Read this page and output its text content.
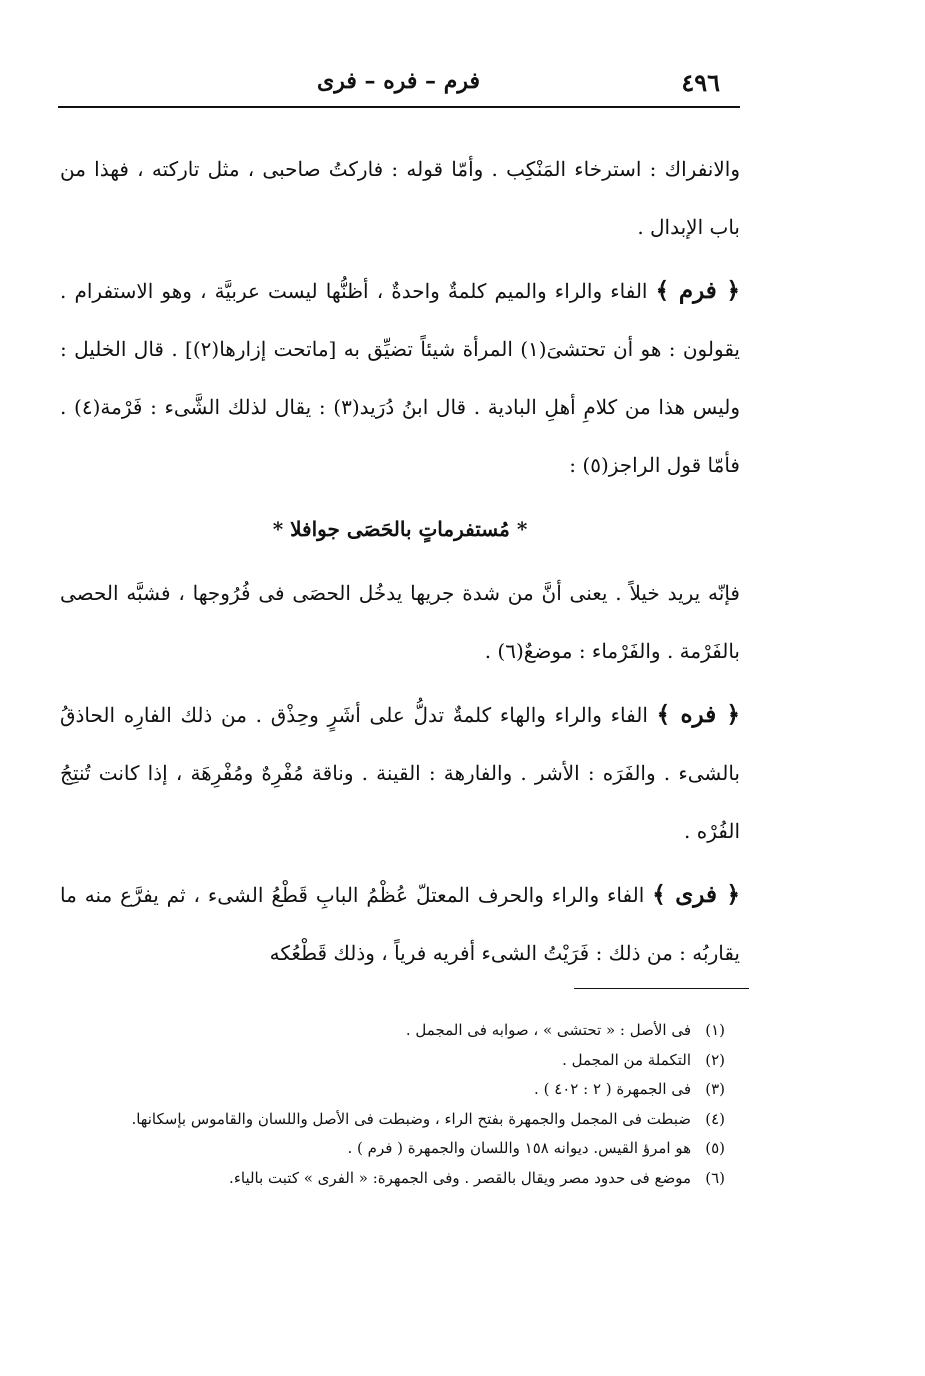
٤٩٦
فرم – فره – فرى

والانفراك : استرخاء المَنْكِب . وأمّا قوله : فاركتُ صاحبى ، مثل تاركته ، فهذا من باب الإبدال .

﴿ فرم ﴾ الفاء والراء والميم كلمةٌ واحدةٌ ، أظنُّها ليست عربيَّة ، وهو الاستفرام . يقولون : هو أن تحتشىَ(١) المرأة شيئاً تضيِّق به [ماتحت إزارها(٢)] . قال الخليل : وليس هذا من كلامِ أهلِ البادية . قال ابنُ دُرَيد(٣) : يقال لذلك الشَّىء : فَرْمة(٤) . فأمّا قول الراجز(٥) :

* مُستفرماتٍ بالحَصَى جوافلا *

فإنّه يريد خيلاً . يعنى أنَّ من شدة جريها يدخُل الحصَى فى فُرُوجها ، فشبَّه الحصى بالفَرْمة . والفَرْماء : موضعٌ(٦) .

﴿ فره ﴾ الفاء والراء والهاء كلمةٌ تدلُّ على أشَرٍ وحِذْق . من ذلك الفارِه الحاذقُ بالشىء . والفَرَه : الأشر . والفارهة : القينة . وناقة مُفْرِهٌ ومُفْرِهَة ، إذا كانت تُنتِجُ الفُرْه .

﴿ فرى ﴾ الفاء والراء والحرف المعتلّ عُظْمُ البابِ قَطْعُ الشىء ، ثم يفرَّع منه ما يقاربُه : من ذلك : فَرَيْتُ الشىء أفريه فرياً ، وذلك قَطْعُكه

(١)
فى الأصل : « تحتشى » ، صوابه فى المجمل .
(٢)
التكملة من المجمل .
(٣)
فى الجمهرة ( ٢ : ٤٠٢ ) .
(٤)
ضبطت فى المجمل والجمهرة بفتح الراء ، وضبطت فى الأصل واللسان والقاموس بإسكانها.
(٥)
هو امرؤ القيس. ديوانه ١٥٨ واللسان والجمهرة ( فرم ) .
(٦)
موضع فى حدود مصر ويقال بالقصر . وفى الجمهرة: « الفرى » كتبت بالياء.
